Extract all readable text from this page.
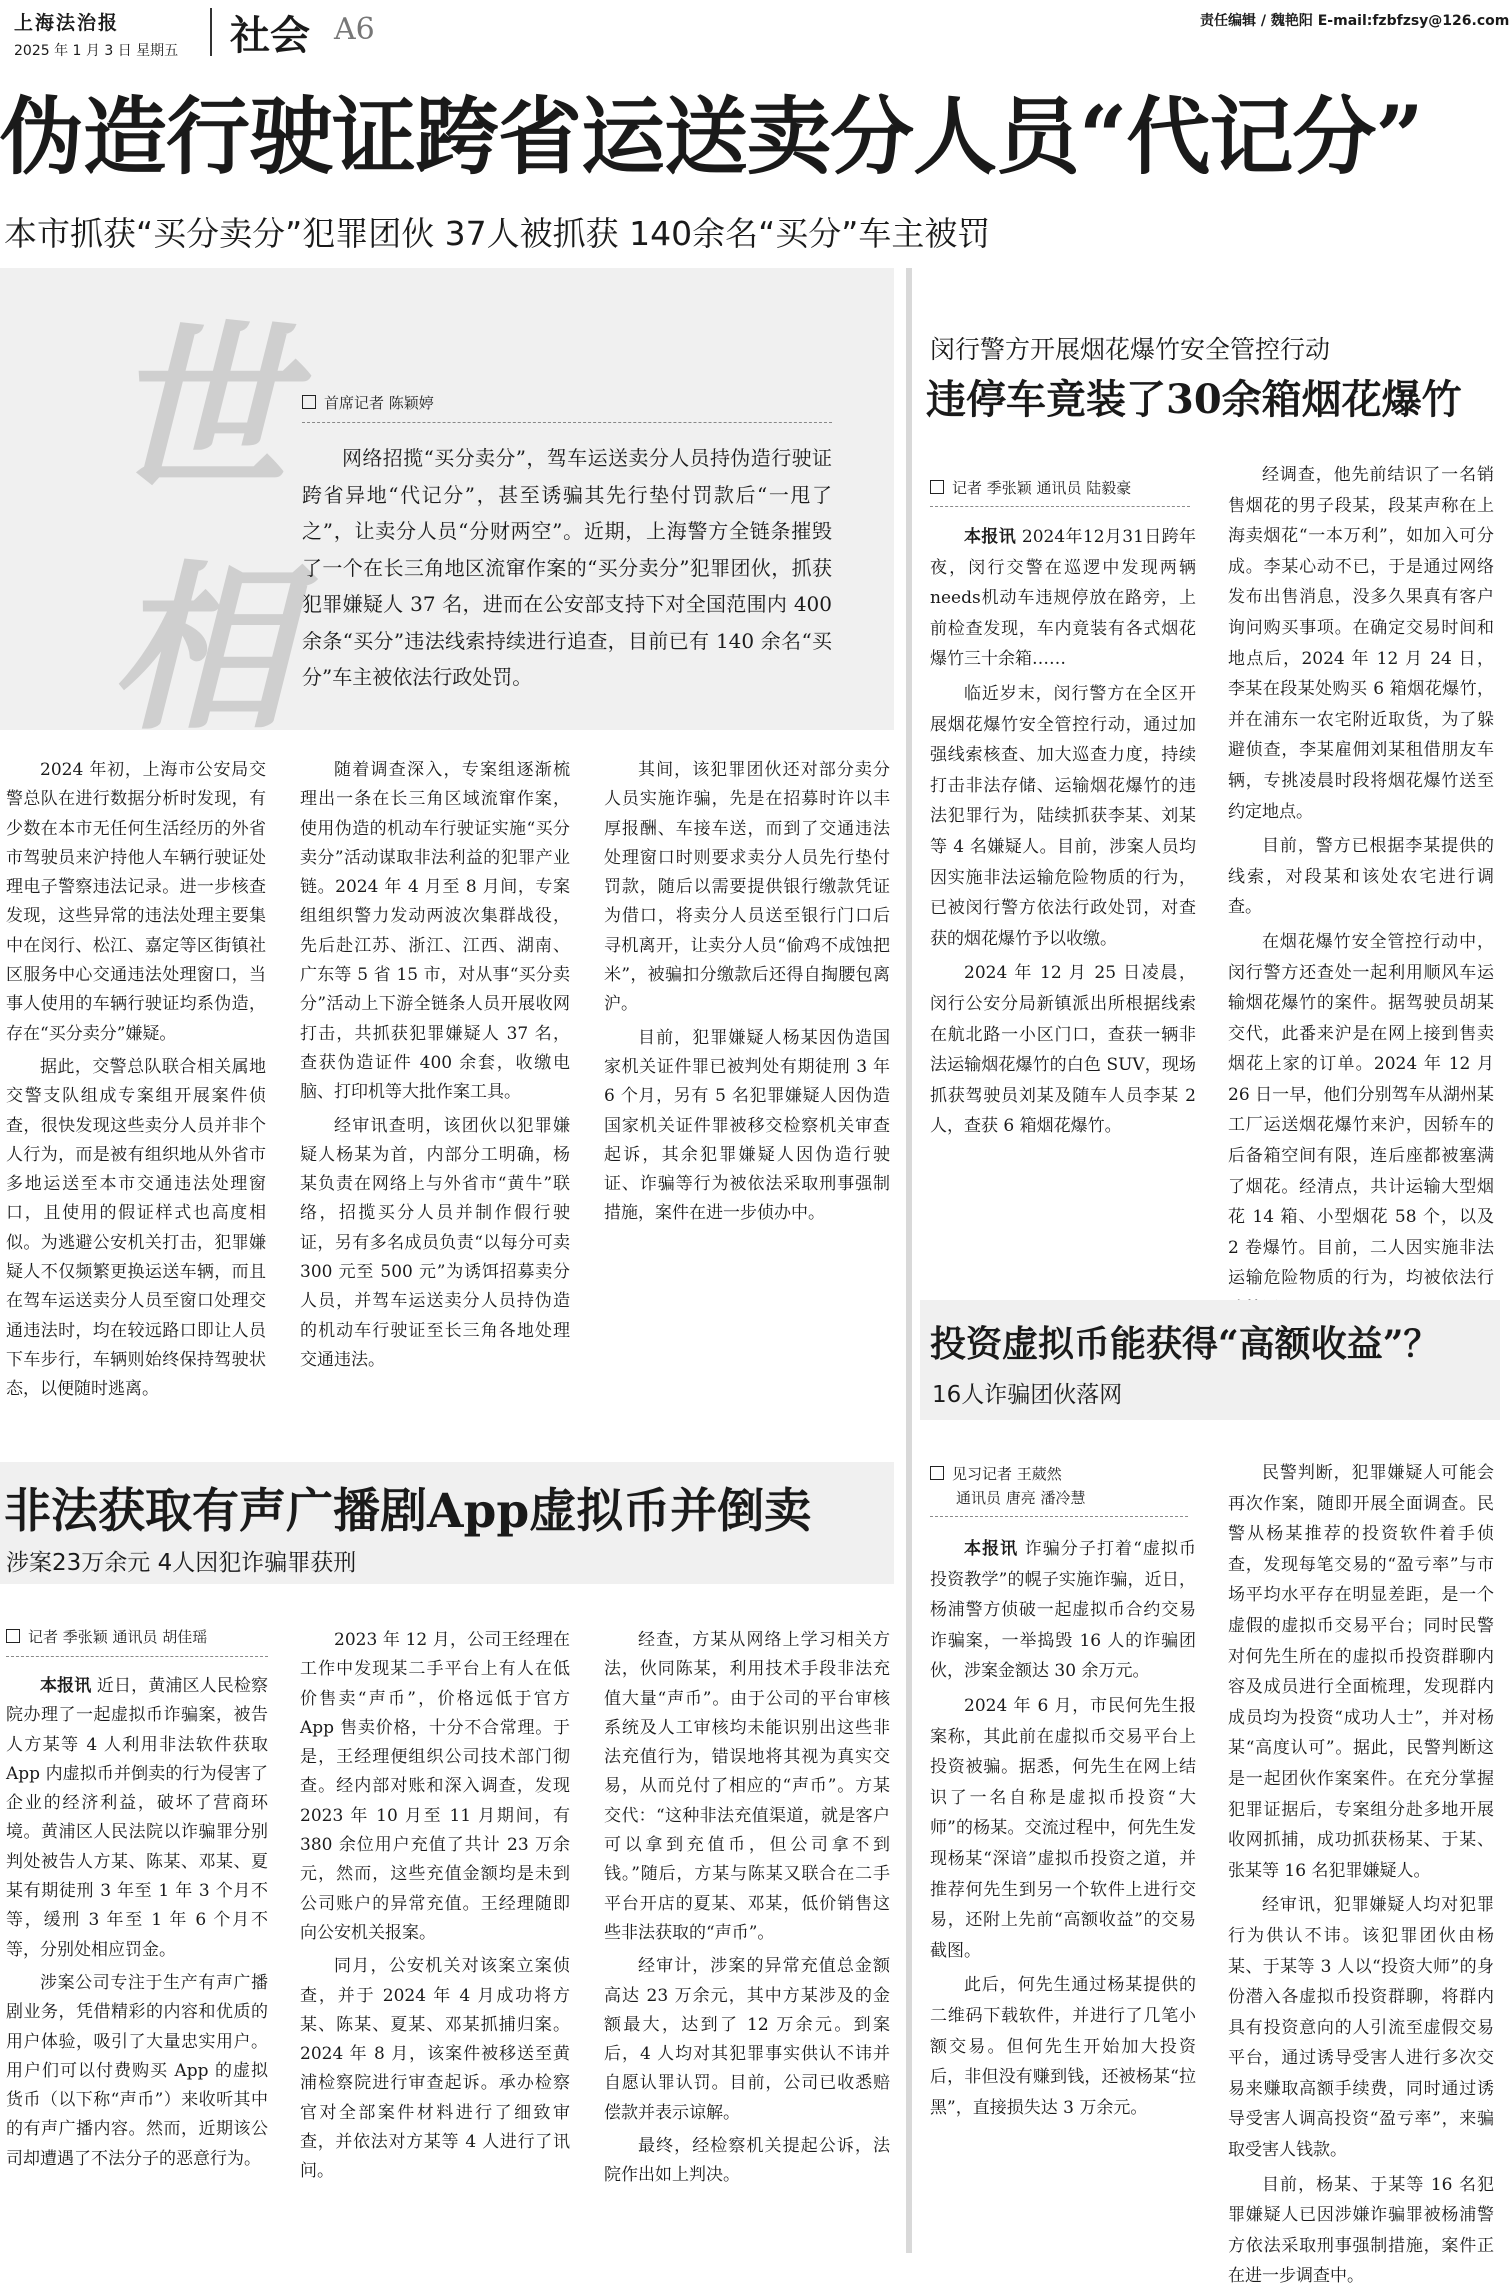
上海法治报
2025 年 1 月 3 日 星期五 社会 A6	责任编辑 / 魏艳阳 E-mail:fzbfzsy@126.com
伪造行驶证跨省运送卖分人员“代记分”
本市抓获“买分卖分”犯罪团伙 37人被抓获 140余名“买分”车主被罚
世相
首席记者 陈颖婷
网络招揽“买分卖分”，驾车运送卖分人员持伪造行驶证跨省异地“代记分”，甚至诱骗其先行垫付罚款后“一甩了之”，让卖分人员“分财两空”。近期，上海警方全链条摧毁了一个在长三角地区流窜作案的“买分卖分”犯罪团伙，抓获犯罪嫌疑人 37 名，进而在公安部支持下对全国范围内 400 余条“买分”违法线索持续进行追查，目前已有 140 余名“买分”车主被依法行政处罚。

2024 年初，上海市公安局交警总队在进行数据分析时发现，有少数在本市无任何生活经历的外省市驾驶员来沪持他人车辆行驶证处理电子警察违法记录。进一步核查发现，这些异常的违法处理主要集中在闵行、松江、嘉定等区街镇社区服务中心交通违法处理窗口，当事人使用的车辆行驶证均系伪造，存在“买分卖分”嫌疑。

据此，交警总队联合相关属地交警支队组成专案组开展案件侦查，很快发现这些卖分人员并非个人行为，而是被有组织地从外省市多地运送至本市交通违法处理窗口，且使用的假证样式也高度相似。为逃避公安机关打击，犯罪嫌疑人不仅频繁更换运送车辆，而且在驾车运送卖分人员至窗口处理交通违法时，均在较远路口即让人员下车步行，车辆则始终保持驾驶状态，以便随时逃离。

随着调查深入，专案组逐渐梳理出一条在长三角区域流窜作案，使用伪造的机动车行驶证实施“买分卖分”活动谋取非法利益的犯罪产业链。2024 年 4 月至 8 月间，专案组组织警力发动两波次集群战役，先后赴江苏、浙江、江西、湖南、广东等 5 省 15 市，对从事“买分卖分”活动上下游全链条人员开展收网打击，共抓获犯罪嫌疑人 37 名，查获伪造证件 400 余套，收缴电脑、打印机等大批作案工具。

经审讯查明，该团伙以犯罪嫌疑人杨某为首，内部分工明确，杨某负责在网络上与外省市“黄牛”联络，招揽买分人员并制作假行驶证，另有多名成员负责“以每分可卖 300 元至 500 元”为诱饵招募卖分人员，并驾车运送卖分人员持伪造的机动车行驶证至长三角各地处理交通违法。

其间，该犯罪团伙还对部分卖分人员实施诈骗，先是在招募时许以丰厚报酬、车接车送，而到了交通违法处理窗口时则要求卖分人员先行垫付罚款，随后以需要提供银行缴款凭证为借口，将卖分人员送至银行门口后寻机离开，让卖分人员“偷鸡不成蚀把米”，被骗扣分缴款后还得自掏腰包离沪。

目前，犯罪嫌疑人杨某因伪造国家机关证件罪已被判处有期徒刑 3 年 6 个月，另有 5 名犯罪嫌疑人因伪造国家机关证件罪被移交检察机关审查起诉，其余犯罪嫌疑人因伪造行驶证、诈骗等行为被依法采取刑事强制措施，案件在进一步侦办中。

闵行警方开展烟花爆竹安全管控行动
违停车竟装了30余箱烟花爆竹
记者 季张颖 通讯员 陆毅豪

本报讯 2024年12月31日跨年夜，闵行交警在巡逻中发现两辆needs机动车违规停放在路旁，上前检查发现，车内竟装有各式烟花爆竹三十余箱……

临近岁末，闵行警方在全区开展烟花爆竹安全管控行动，通过加强线索核查、加大巡查力度，持续打击非法存储、运输烟花爆竹的违法犯罪行为，陆续抓获李某、刘某等 4 名嫌疑人。目前，涉案人员均因实施非法运输危险物质的行为，已被闵行警方依法行政处罚，对查获的烟花爆竹予以收缴。

2024 年 12 月 25 日凌晨，闵行公安分局新镇派出所根据线索在航北路一小区门口，查获一辆非法运输烟花爆竹的白色 SUV，现场抓获驾驶员刘某及随车人员李某 2 人，查获 6 箱烟花爆竹。

经调查，他先前结识了一名销售烟花的男子段某，段某声称在上海卖烟花“一本万利”，如加入可分成。李某心动不已，于是通过网络发布出售消息，没多久果真有客户询问购买事项。在确定交易时间和地点后，2024 年 12 月 24 日，李某在段某处购买 6 箱烟花爆竹，并在浦东一农宅附近取货，为了躲避侦查，李某雇佣刘某租借朋友车辆，专挑凌晨时段将烟花爆竹送至约定地点。

目前，警方已根据李某提供的线索，对段某和该处农宅进行调查。

在烟花爆竹安全管控行动中，闵行警方还查处一起利用顺风车运输烟花爆竹的案件。据驾驶员胡某交代，此番来沪是在网上接到售卖烟花上家的订单。2024 年 12 月 26 日一早，他们分别驾车从湖州某工厂运送烟花爆竹来沪，因轿车的后备箱空间有限，连后座都被塞满了烟花。经清点，共计运输大型烟花 14 箱、小型烟花 58 个，以及 2 卷爆竹。目前，二人因实施非法运输危险物质的行为，均被依法行

投资虚拟币能获得“高额收益”？
16人诈骗团伙落网
见习记者 王葳然
通讯员 唐亮 潘冷慧

本报讯 诈骗分子打着“虚拟币投资教学”的幌子实施诈骗，近日，杨浦警方侦破一起虚拟币合约交易诈骗案，一举捣毁 16 人的诈骗团伙，涉案金额达 30 余万元。

2024 年 6 月，市民何先生报案称，其此前在虚拟币交易平台上投资被骗。据悉，何先生在网上结识了一名自称是虚拟币投资“大师”的杨某。交流过程中，何先生发现杨某“深谙”虚拟币投资之道，并推荐何先生到另一个软件上进行交易，还附上先前“高额收益”的交易截图。

此后，何先生通过杨某提供的二维码下载软件，并进行了几笔小额交易。但何先生开始加大投资后，非但没有赚到钱，还被杨某“拉黑”，直接损失达 3 万余元。

民警判断，犯罪嫌疑人可能会再次作案，随即开展全面调查。民警从杨某推荐的投资软件着手侦查，发现每笔交易的“盈亏率”与市场平均水平存在明显差距，是一个虚假的虚拟币交易平台；同时民警对何先生所在的虚拟币投资群聊内容及成员进行全面梳理，发现群内成员均为投资“成功人士”，并对杨某“高度认可”。据此，民警判断这是一起团伙作案案件。在充分掌握犯罪证据后，专案组分赴多地开展收网抓捕，成功抓获杨某、于某、张某等 16 名犯罪嫌疑人。

经审讯，犯罪嫌疑人均对犯罪行为供认不讳。该犯罪团伙由杨某、于某等 3 人以“投资大师”的身份潜入各虚拟币投资群聊，将群内具有投资意向的人引流至虚假交易平台，通过诱导受害人进行多次交易来赚取高额手续费，同时通过诱导受害人调高投资“盈亏率”，来骗取受害人钱款。

目前，杨某、于某等 16 名犯罪嫌疑人已因涉嫌诈骗罪被杨浦警方依法采取刑事强制措施，案件正在进一步调查中。

非法获取有声广播剧App虚拟币并倒卖
涉案23万余元 4人因犯诈骗罪获刑
记者 季张颖 通讯员 胡佳瑶

本报讯 近日，黄浦区人民检察院办理了一起虚拟币诈骗案，被告人方某等 4 人利用非法软件获取 App 内虚拟币并倒卖的行为侵害了企业的经济利益，破坏了营商环境。黄浦区人民法院以诈骗罪分别判处被告人方某、陈某、邓某、夏某有期徒刑 3 年至 1 年 3 个月不等，缓刑 3 年至 1 年 6 个月不等，分别处相应罚金。

涉案公司专注于生产有声广播剧业务，凭借精彩的内容和优质的用户体验，吸引了大量忠实用户。用户们可以付费购买 App 的虚拟货币（以下称“声币”）来收听其中的有声广播内容。然而，近期该公司却遭遇了不法分子的恶意行为。

2023 年 12 月，公司王经理在工作中发现某二手平台上有人在低价售卖“声币”，价格远低于官方 App 售卖价格，十分不合常理。于是，王经理便组织公司技术部门彻查。经内部对账和深入调查，发现 2023 年 10 月至 11 月期间，有 380 余位用户充值了共计 23 万余元，然而，这些充值金额均是未到公司账户的异常充值。王经理随即向公安机关报案。

同月，公安机关对该案立案侦查，并于 2024 年 4 月成功将方某、陈某、夏某、邓某抓捕归案。2024 年 8 月，该案件被移送至黄浦检察院进行审查起诉。承办检察官对全部案件材料进行了细致审查，并依法对方某等 4 人进行了讯问。

经查，方某从网络上学习相关方法，伙同陈某，利用技术手段非法充值大量“声币”。由于公司的平台审核系统及人工审核均未能识别出这些非法充值行为，错误地将其视为真实交易，从而兑付了相应的“声币”。方某交代：“这种非法充值渠道，就是客户可以拿到充值币，但公司拿不到钱。”随后，方某与陈某又联合在二手平台开店的夏某、邓某，低价销售这些非法获取的“声币”。

经审计，涉案的异常充值总金额高达 23 万余元，其中方某涉及的金额最大，达到了 12 万余元。到案后，4 人均对其犯罪事实供认不讳并自愿认罪认罚。目前，公司已收悉赔偿款并表示谅解。

最终，经检察机关提起公诉，法院作出如上判决。
